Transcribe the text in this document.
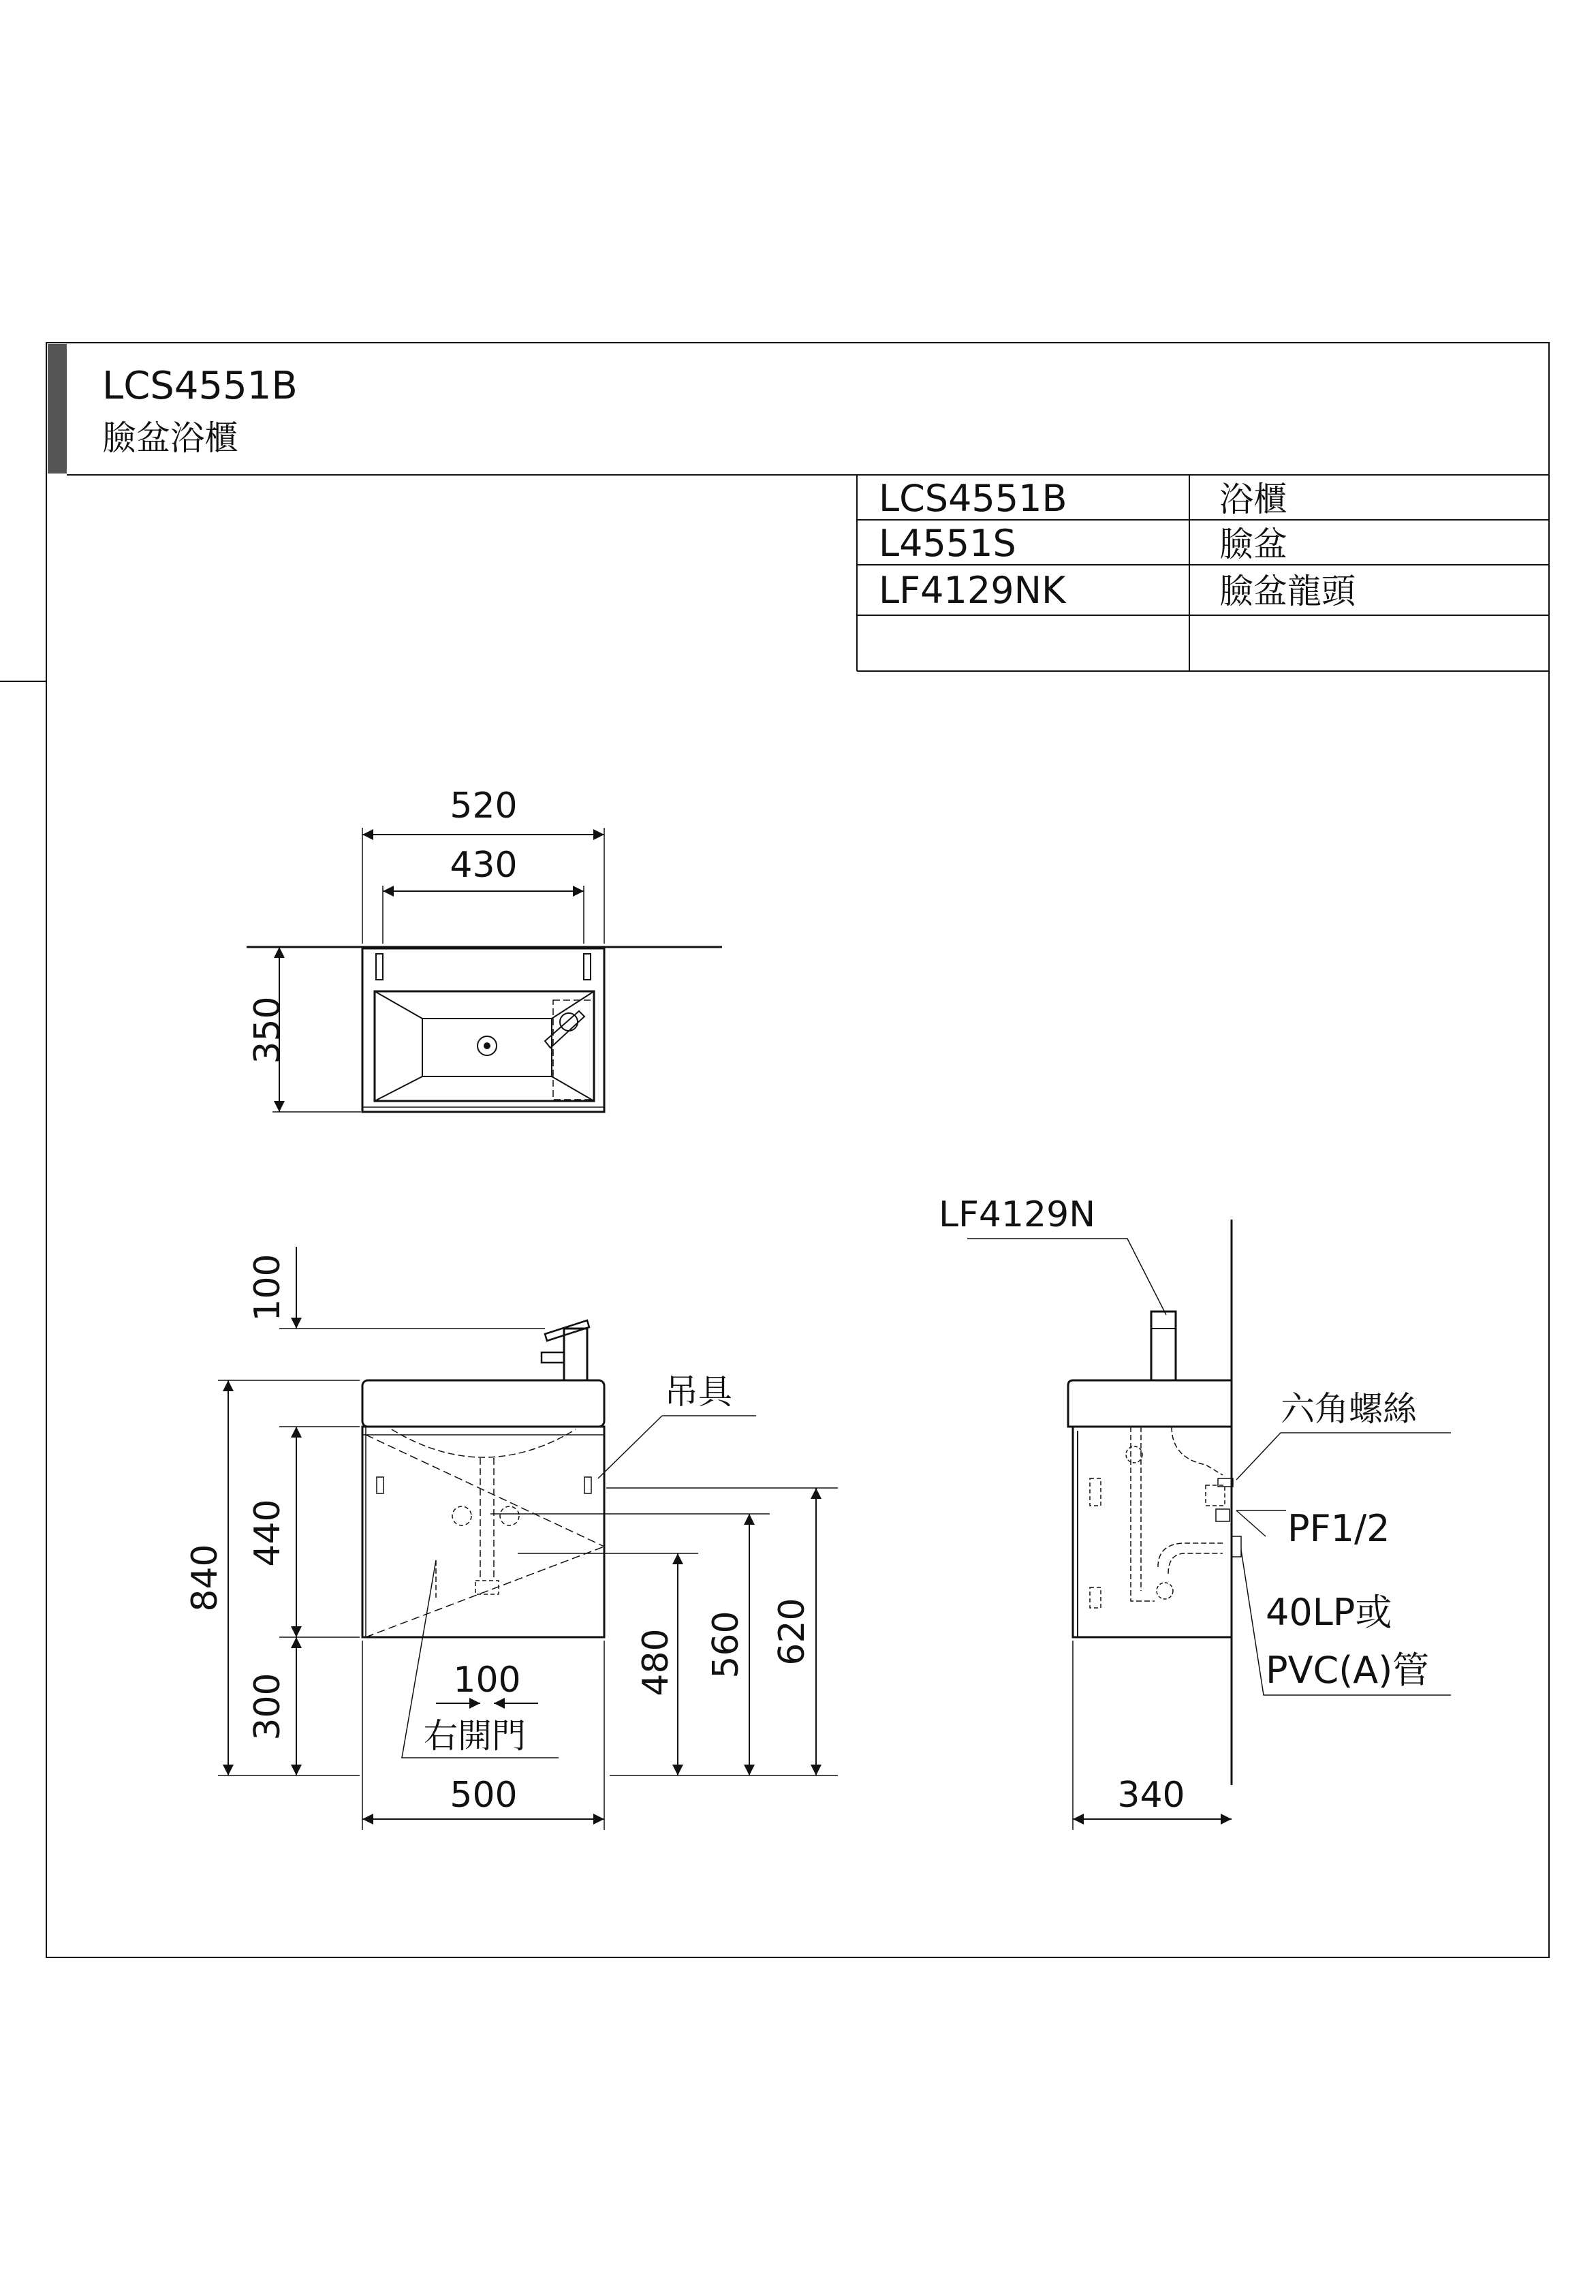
LCS4551B
臉盆浴櫃
LCS4551B	浴櫃
L4551S	臉盆
LF4129NK	臉盆龍頭
520
430
350
100
840
440
300	100
500
480 560 620
吊具
右開門
LF4129N
六角螺絲
PF1/2
40LP或
PVC(A)管
340
